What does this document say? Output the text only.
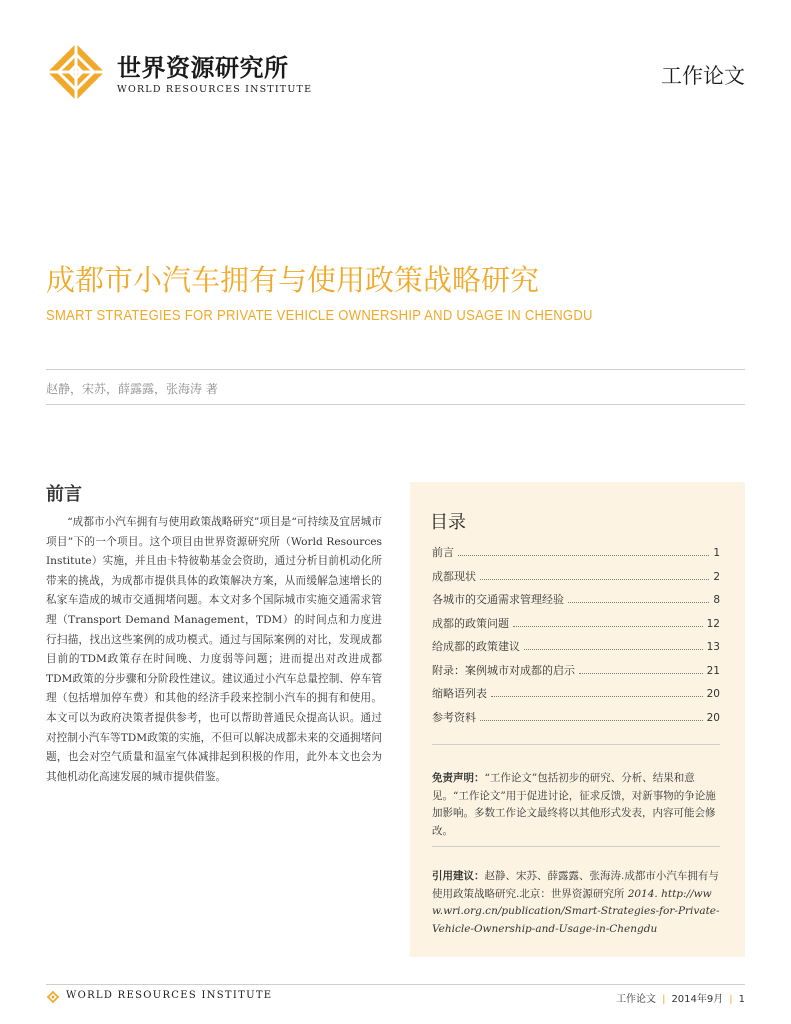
世界资源研究所
WORLD RESOURCES INSTITUTE
工作论文
成都市小汽车拥有与使用政策战略研究
SMART STRATEGIES FOR PRIVATE VEHICLE OWNERSHIP AND USAGE IN CHENGDU
赵静，宋苏，薛露露，张海涛 著
前言

“成都市小汽车拥有与使用政策战略研究”项目是“可持续及宜居城市项目”下的一个项目。这个项目由世界资源研究所（World Resources Institute）实施，并且由卡特彼勒基金会资助，通过分析目前机动化所带来的挑战，为成都市提供具体的政策解决方案，从而缓解急速增长的私家车造成的城市交通拥堵问题。本文对多个国际城市实施交通需求管理（Transport Demand Management，TDM）的时间点和力度进行扫描，找出这些案例的成功模式。通过与国际案例的对比，发现成都目前的TDM政策存在时间晚、力度弱等问题；进而提出对改进成都TDM政策的分步骤和分阶段性建议。建议通过小汽车总量控制、停车管理（包括增加停车费）和其他的经济手段来控制小汽车的拥有和使用。本文可以为政府决策者提供参考，也可以帮助普通民众提高认识。通过对控制小汽车等TDM政策的实施，不但可以解决成都未来的交通拥堵问题，也会对空气质量和温室气体减排起到积极的作用，此外本文也会为其他机动化高速发展的城市提供借鉴。

目录
前言	1
成都现状	2
各城市的交通需求管理经验	8
成都的政策问题	12
给成都的政策建议	13
附录：案例城市对成都的启示	21
缩略语列表	20
参考资料	20
免责声明：“工作论文”包括初步的研究、分析、结果和意见。“工作论文”用于促进讨论，征求反馈，对新事物的争论施加影响。多数工作论文最终将以其他形式发表，内容可能会修改。
引用建议：赵静、宋苏、薛露露、张海涛.成都市小汽车拥有与使用政策战略研究.北京：世界资源研究所 2014. http://www.wri.org.cn/publication/Smart-Strategies-for-Private-Vehicle-Ownership-and-Usage-in-Chengdu
WORLD RESOURCES INSTITUTE	工作论文 | 2014年9月 | 1
